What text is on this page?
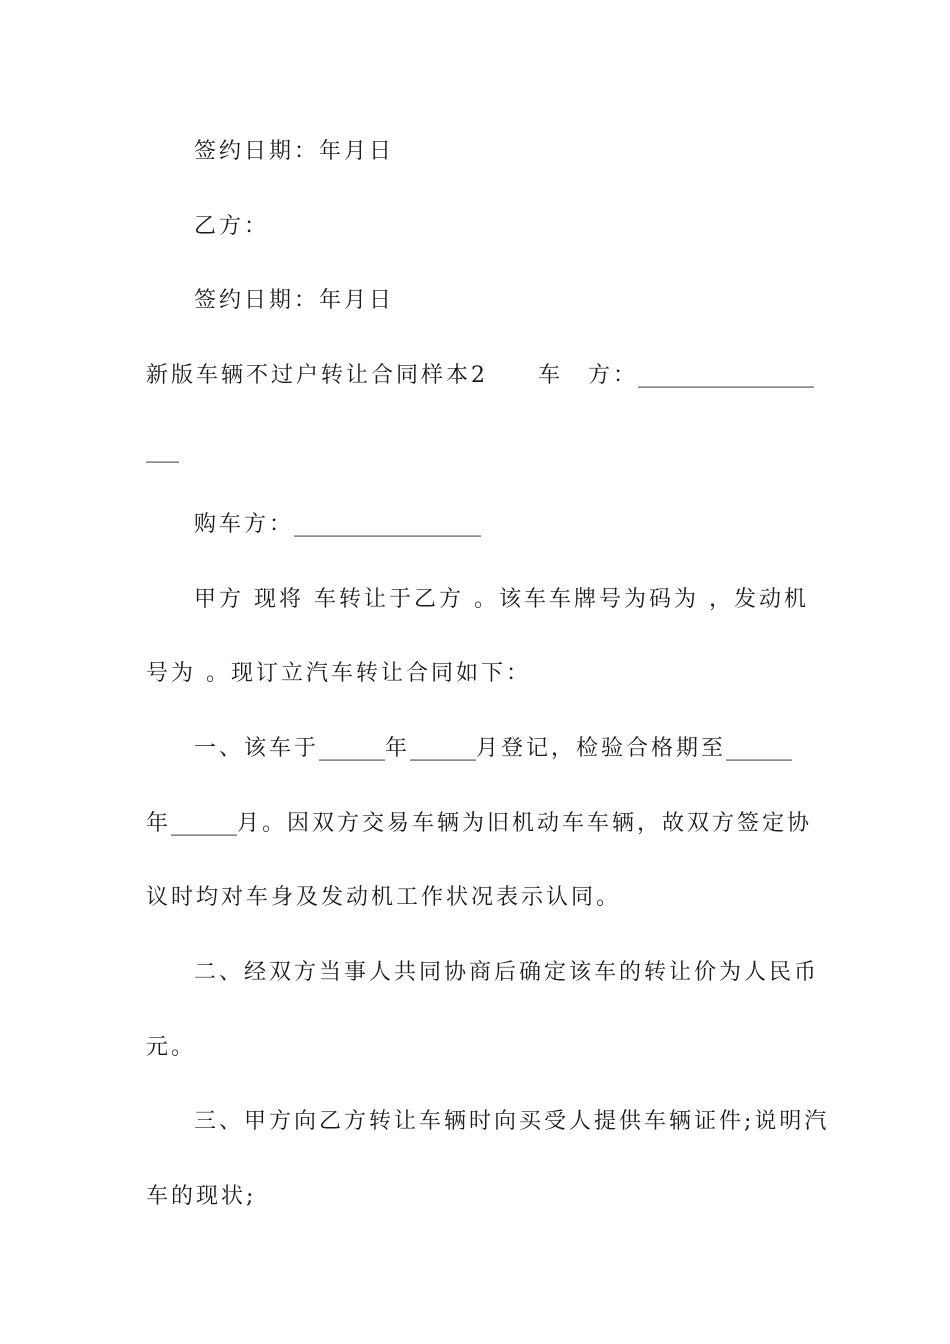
签约日期：年月日
乙方：
签约日期：年月日
新版车辆不过户转让合同样本2　　车　方：________________
___
购车方：_________________
甲方 现将 车转让于乙方 。该车车牌号为码为 ，发动机
号为 。现订立汽车转让合同如下：
一、该车于______年______月登记，检验合格期至______
年______月。因双方交易车辆为旧机动车车辆，故双方签定协
议时均对车身及发动机工作状况表示认同。
二、经双方当事人共同协商后确定该车的转让价为人民币
元。
三、甲方向乙方转让车辆时向买受人提供车辆证件;说明汽
车的现状;
